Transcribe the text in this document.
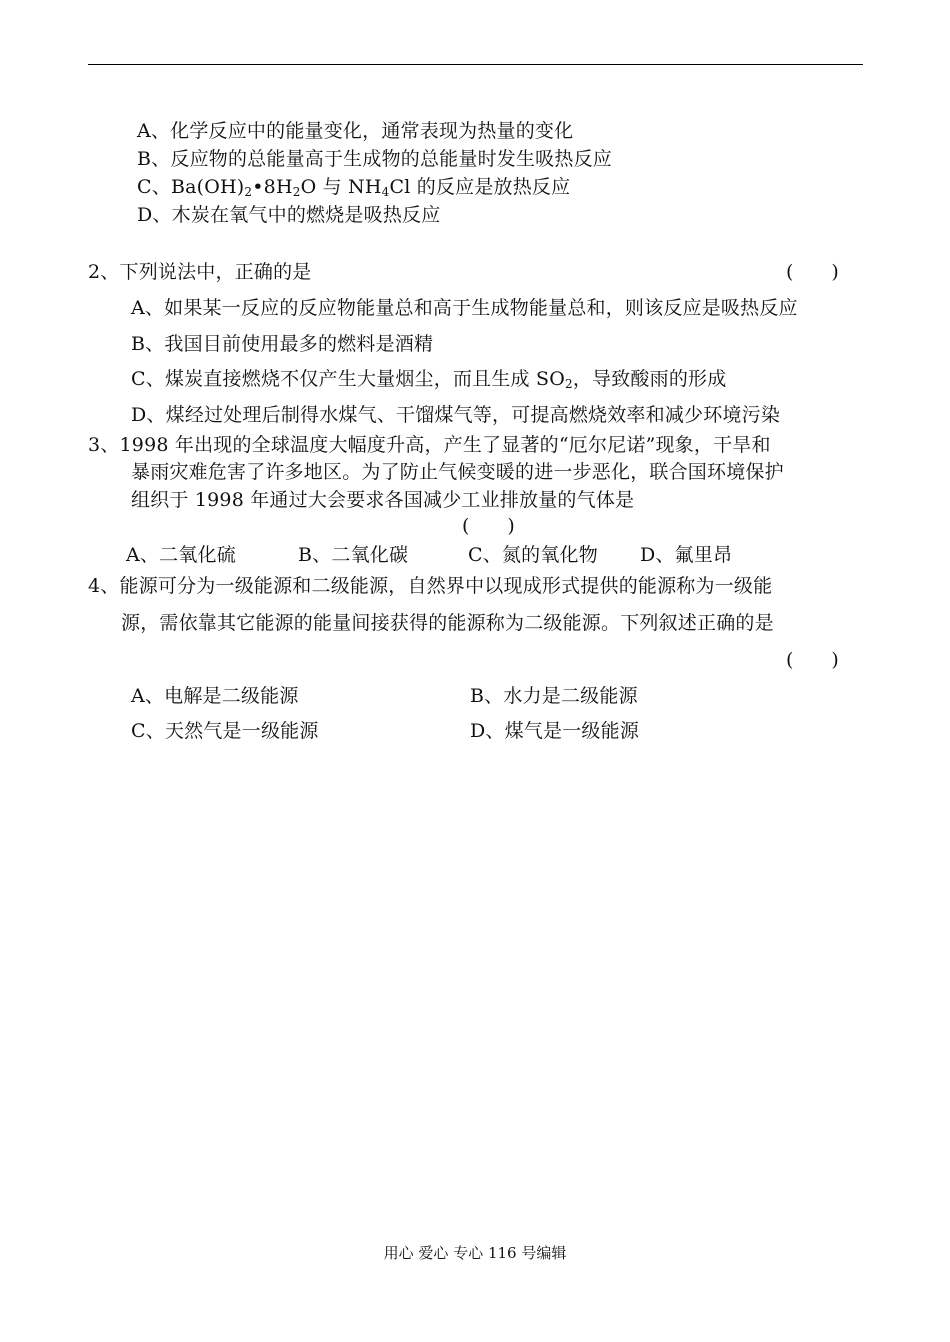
A、化学反应中的能量变化，通常表现为热量的变化
B、反应物的总能量高于生成物的总能量时发生吸热反应
C、$Ba(OH)_2•8H_2O$ 与 $NH_4Cl$ 的反应是放热反应
D、木炭在氧气中的燃烧是吸热反应
2、下列说法中，正确的是	(　　)
A、如果某一反应的反应物能量总和高于生成物能量总和，则该反应是吸热反应
B、我国目前使用最多的燃料是酒精
C、煤炭直接燃烧不仅产生大量烟尘，而且生成 $SO_2$，导致酸雨的形成
D、煤经过处理后制得水煤气、干馏煤气等，可提高燃烧效率和减少环境污染
3、1998 年出现的全球温度大幅度升高，产生了显著的“厄尔尼诺”现象，干旱和
暴雨灾难危害了许多地区。为了防止气候变暖的进一步恶化，联合国环境保护
组织于 1998 年通过大会要求各国减少工业排放量的气体是
(　　)
A、二氧化硫	B、二氧化碳	C、氮的氧化物 D、氟里昂
4、能源可分为一级能源和二级能源，自然界中以现成形式提供的能源称为一级能
源，需依靠其它能源的能量间接获得的能源称为二级能源。下列叙述正确的是
(　　)
A、电解是二级能源	B、水力是二级能源
C、天然气是一级能源	D、煤气是一级能源
用心 爱心 专心 116 号编辑
